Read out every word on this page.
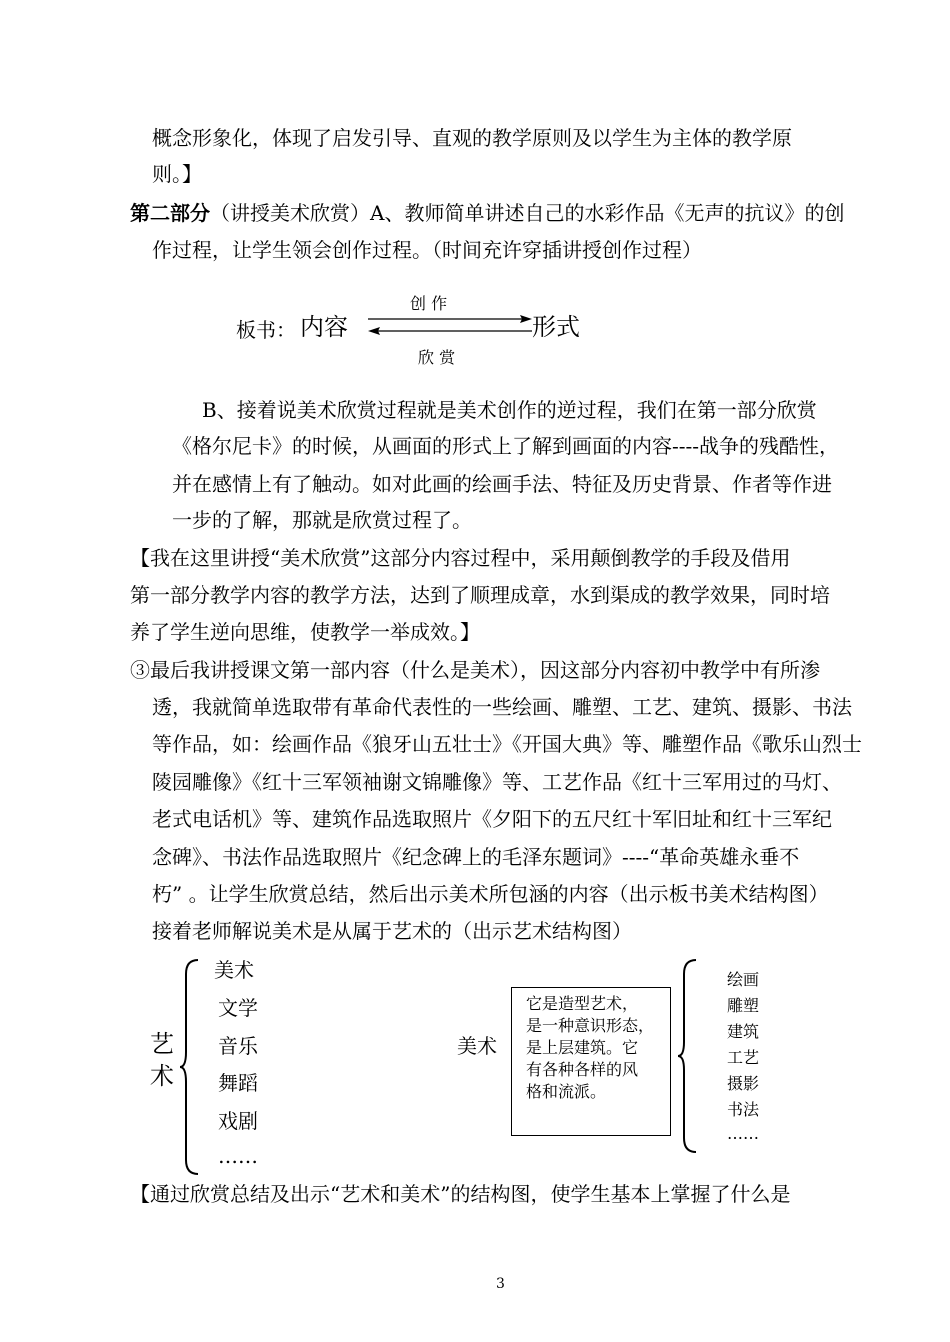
概念形象化，体现了启发引导、直观的教学原则及以学生为主体的教学原
则。】
第二部分（讲授美术欣赏）A、教师简单讲述自己的水彩作品《无声的抗议》的创
作过程，让学生领会创作过程。（时间充许穿插讲授创作过程）
板书： 内容
创 作
形式
欣 赏
B、接着说美术欣赏过程就是美术创作的逆过程，我们在第一部分欣赏
《格尔尼卡》的时候，从画面的形式上了解到画面的内容----战争的残酷性，
并在感情上有了触动。如对此画的绘画手法、特征及历史背景、作者等作进
一步的了解，那就是欣赏过程了。
【我在这里讲授“美术欣赏”这部分内容过程中，采用颠倒教学的手段及借用
第一部分教学内容的教学方法，达到了顺理成章，水到渠成的教学效果，同时培
养了学生逆向思维，使教学一举成效。】
③最后我讲授课文第一部内容（什么是美术），因这部分内容初中教学中有所渗
透，我就简单选取带有革命代表性的一些绘画、雕塑、工艺、建筑、摄影、书法
等作品，如：绘画作品《狼牙山五壮士》《开国大典》等、雕塑作品《歌乐山烈士
陵园雕像》《红十三军领袖谢文锦雕像》等、工艺作品《红十三军用过的马灯、
老式电话机》等、建筑作品选取照片《夕阳下的五尺红十军旧址和红十三军纪
念碑》、书法作品选取照片《纪念碑上的毛泽东题词》----“革命英雄永垂不
朽” 。让学生欣赏总结，然后出示美术所包涵的内容（出示板书美术结构图）
接着老师解说美术是从属于艺术的（出示艺术结构图）
艺
术
美术
文学
音乐
舞蹈
戏剧
……
美术
它是造型艺术，
是一种意识形态，
是上层建筑。它
有各种各样的风
格和流派。
绘画
雕塑
建筑
工艺
摄影
书法
……
【通过欣赏总结及出示“艺术和美术”的结构图，使学生基本上掌握了什么是
3
